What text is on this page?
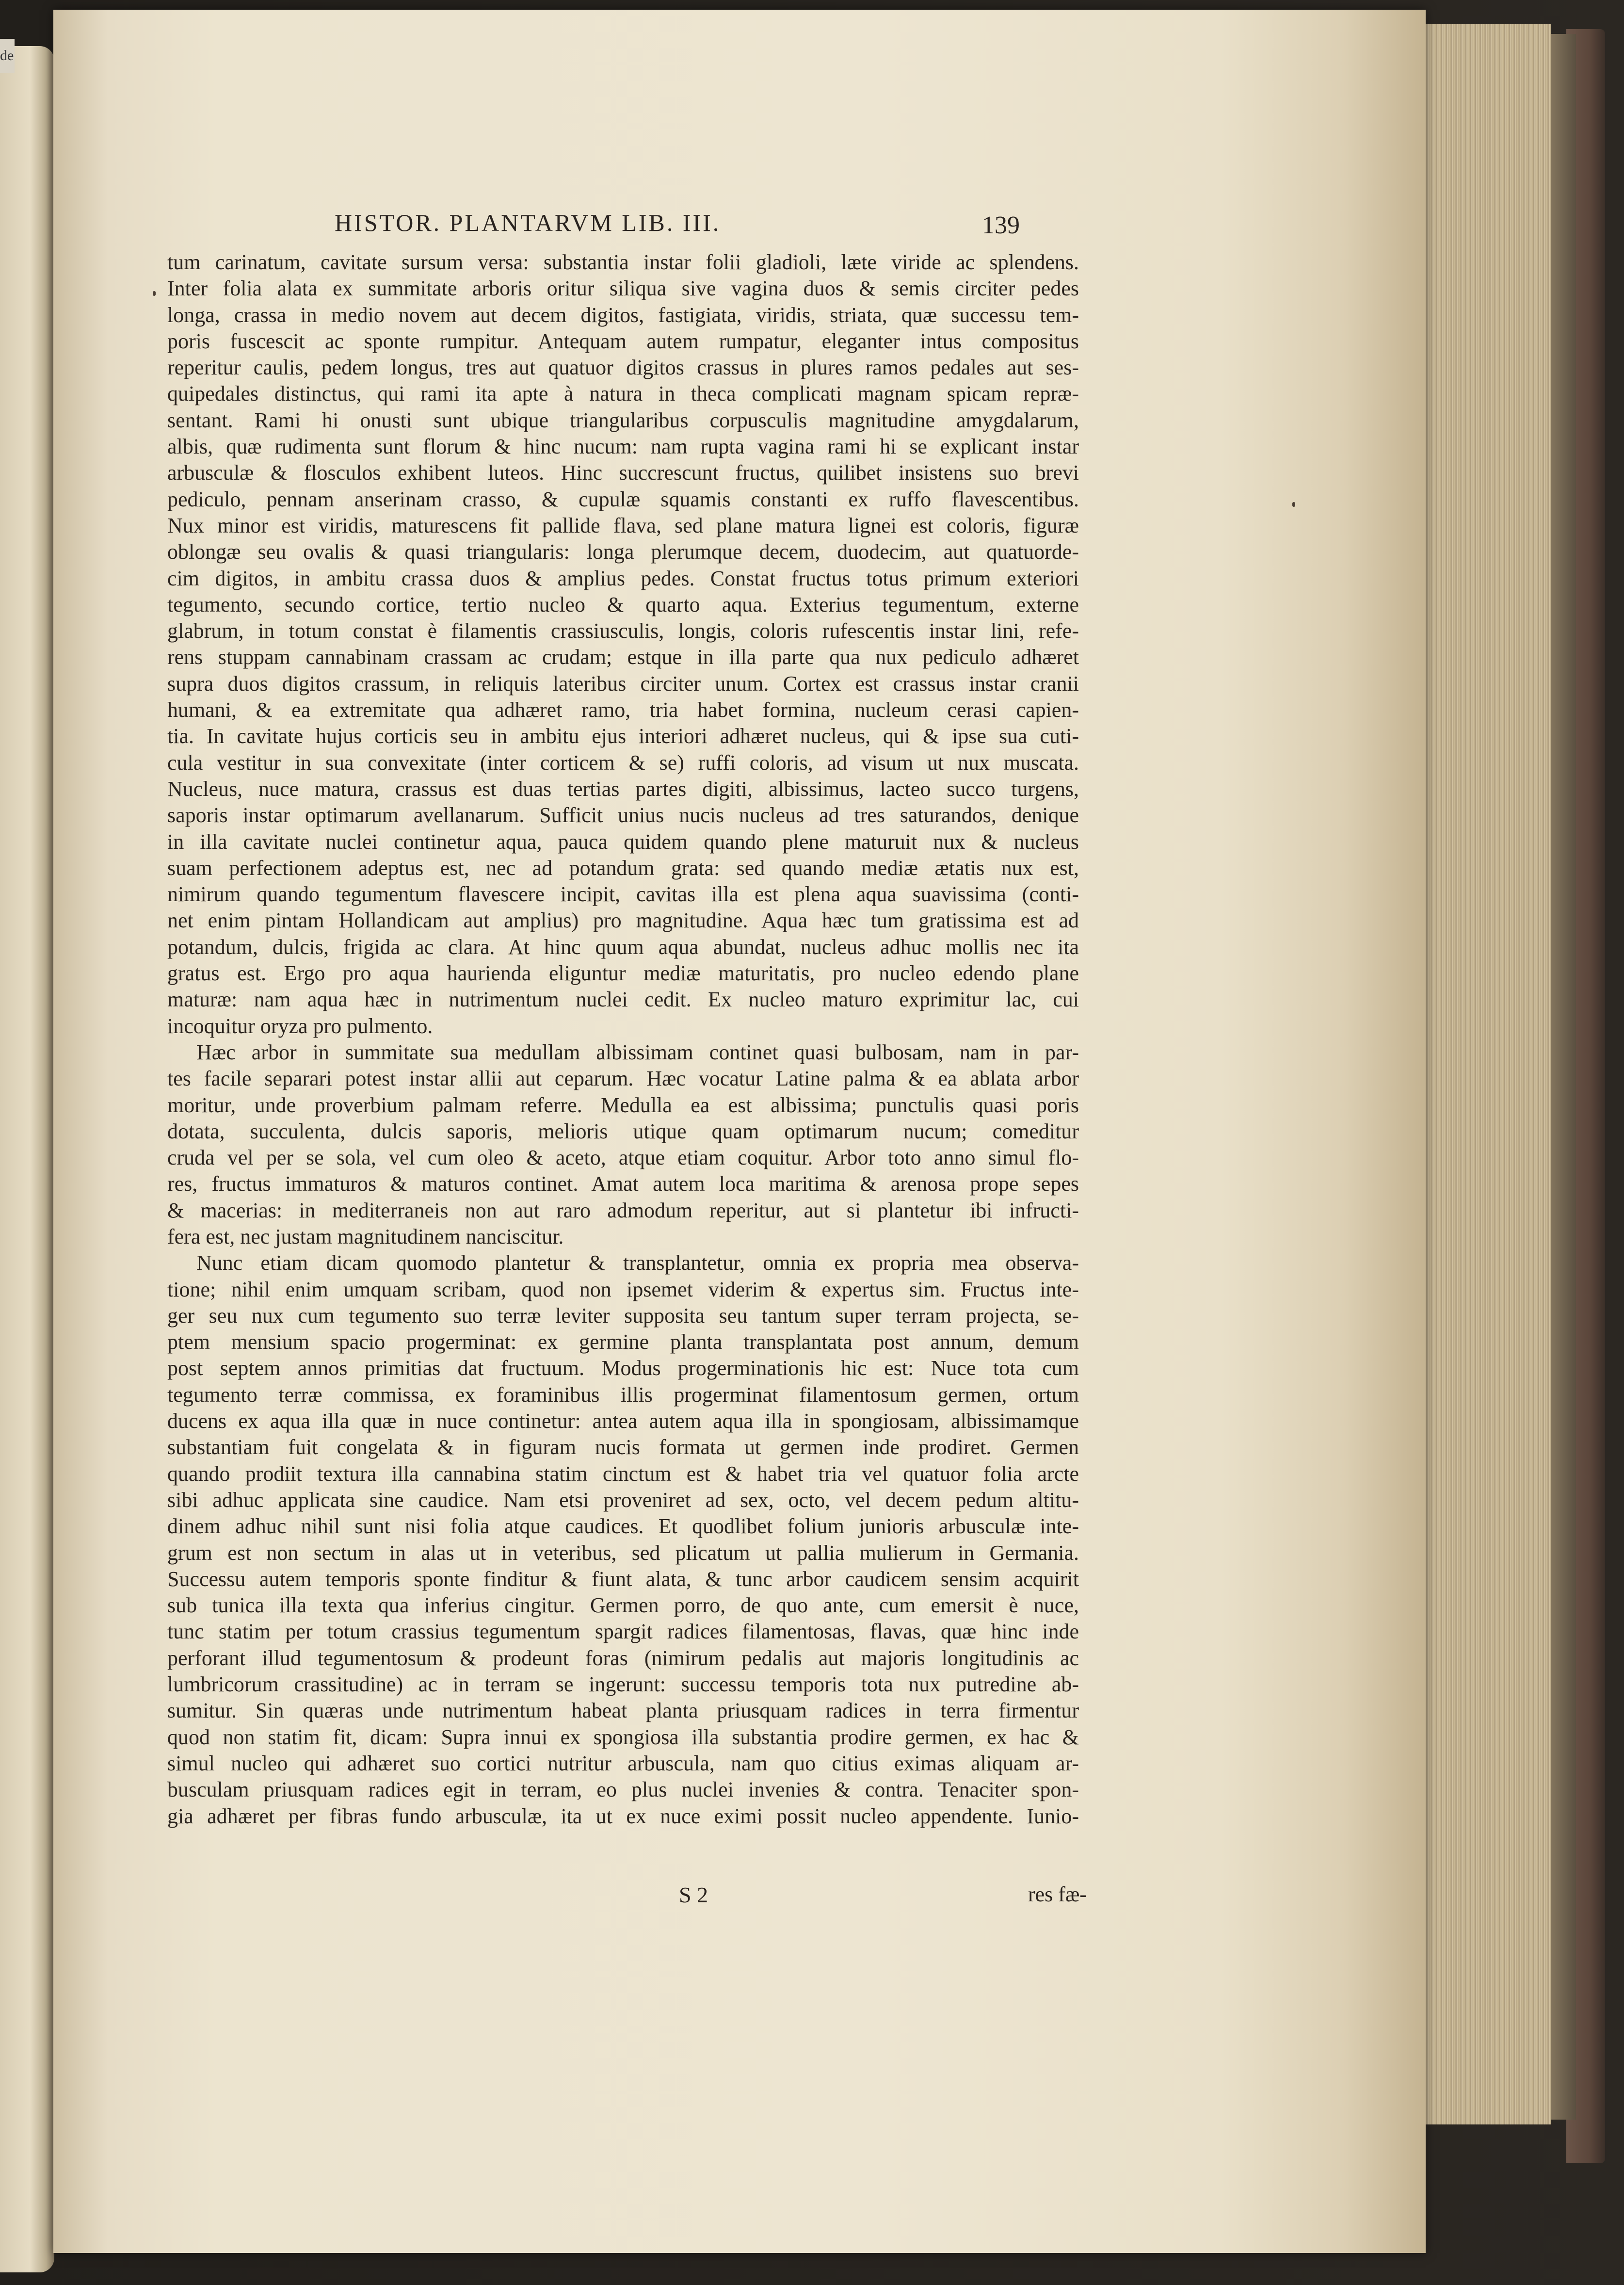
de
HISTOR. PLANTARVM LIB. III.	139
tum carinatum, cavitate sursum versa: substantia instar folii gladioli, læte viride ac splendens.
Inter folia alata ex summitate arboris oritur siliqua sive vagina duos & semis circiter pedes
longa, crassa in medio novem aut decem digitos, fastigiata, viridis, striata, quæ successu tem-
poris fuscescit ac sponte rumpitur. Antequam autem rumpatur, eleganter intus compositus
reperitur caulis, pedem longus, tres aut quatuor digitos crassus in plures ramos pedales aut ses-
quipedales distinctus, qui rami ita apte à natura in theca complicati magnam spicam repræ-
sentant. Rami hi onusti sunt ubique triangularibus corpusculis magnitudine amygdalarum,
albis, quæ rudimenta sunt florum & hinc nucum: nam rupta vagina rami hi se explicant instar
arbusculæ & flosculos exhibent luteos. Hinc succrescunt fructus, quilibet insistens suo brevi
pediculo, pennam anserinam crasso, & cupulæ squamis constanti ex ruffo flavescentibus.
Nux minor est viridis, maturescens fit pallide flava, sed plane matura lignei est coloris, figuræ
oblongæ seu ovalis & quasi triangularis: longa plerumque decem, duodecim, aut quatuorde-
cim digitos, in ambitu crassa duos & amplius pedes. Constat fructus totus primum exteriori
tegumento, secundo cortice, tertio nucleo & quarto aqua. Exterius tegumentum, externe
glabrum, in totum constat è filamentis crassiusculis, longis, coloris rufescentis instar lini, refe-
rens stuppam cannabinam crassam ac crudam; estque in illa parte qua nux pediculo adhæret
supra duos digitos crassum, in reliquis lateribus circiter unum. Cortex est crassus instar cranii
humani, & ea extremitate qua adhæret ramo, tria habet formina, nucleum cerasi capien-
tia. In cavitate hujus corticis seu in ambitu ejus interiori adhæret nucleus, qui & ipse sua cuti-
cula vestitur in sua convexitate (inter corticem & se) ruffi coloris, ad visum ut nux muscata.
Nucleus, nuce matura, crassus est duas tertias partes digiti, albissimus, lacteo succo turgens,
saporis instar optimarum avellanarum. Sufficit unius nucis nucleus ad tres saturandos, denique
in illa cavitate nuclei continetur aqua, pauca quidem quando plene maturuit nux & nucleus
suam perfectionem adeptus est, nec ad potandum grata: sed quando mediæ ætatis nux est,
nimirum quando tegumentum flavescere incipit, cavitas illa est plena aqua suavissima (conti-
net enim pintam Hollandicam aut amplius) pro magnitudine. Aqua hæc tum gratissima est ad
potandum, dulcis, frigida ac clara. At hinc quum aqua abundat, nucleus adhuc mollis nec ita
gratus est. Ergo pro aqua haurienda eliguntur mediæ maturitatis, pro nucleo edendo plane
maturæ: nam aqua hæc in nutrimentum nuclei cedit. Ex nucleo maturo exprimitur lac, cui
incoquitur oryza pro pulmento.
Hæc arbor in summitate sua medullam albissimam continet quasi bulbosam, nam in par-
tes facile separari potest instar allii aut ceparum. Hæc vocatur Latine palma & ea ablata arbor
moritur, unde proverbium palmam referre. Medulla ea est albissima; punctulis quasi poris
dotata, succulenta, dulcis saporis, melioris utique quam optimarum nucum; comeditur
cruda vel per se sola, vel cum oleo & aceto, atque etiam coquitur. Arbor toto anno simul flo-
res, fructus immaturos & maturos continet. Amat autem loca maritima & arenosa prope sepes
& macerias: in mediterraneis non aut raro admodum reperitur, aut si plantetur ibi infructi-
fera est, nec justam magnitudinem nanciscitur.
Nunc etiam dicam quomodo plantetur & transplantetur, omnia ex propria mea observa-
tione; nihil enim umquam scribam, quod non ipsemet viderim & expertus sim. Fructus inte-
ger seu nux cum tegumento suo terræ leviter supposita seu tantum super terram projecta, se-
ptem mensium spacio progerminat: ex germine planta transplantata post annum, demum
post septem annos primitias dat fructuum. Modus progerminationis hic est: Nuce tota cum
tegumento terræ commissa, ex foraminibus illis progerminat filamentosum germen, ortum
ducens ex aqua illa quæ in nuce continetur: antea autem aqua illa in spongiosam, albissimamque
substantiam fuit congelata & in figuram nucis formata ut germen inde prodiret. Germen
quando prodiit textura illa cannabina statim cinctum est & habet tria vel quatuor folia arcte
sibi adhuc applicata sine caudice. Nam etsi proveniret ad sex, octo, vel decem pedum altitu-
dinem adhuc nihil sunt nisi folia atque caudices. Et quodlibet folium junioris arbusculæ inte-
grum est non sectum in alas ut in veteribus, sed plicatum ut pallia mulierum in Germania.
Successu autem temporis sponte finditur & fiunt alata, & tunc arbor caudicem sensim acquirit
sub tunica illa texta qua inferius cingitur. Germen porro, de quo ante, cum emersit è nuce,
tunc statim per totum crassius tegumentum spargit radices filamentosas, flavas, quæ hinc inde
perforant illud tegumentosum & prodeunt foras (nimirum pedalis aut majoris longitudinis ac
lumbricorum crassitudine) ac in terram se ingerunt: successu temporis tota nux putredine ab-
sumitur. Sin quæras unde nutrimentum habeat planta priusquam radices in terra firmentur
quod non statim fit, dicam: Supra innui ex spongiosa illa substantia prodire germen, ex hac &
simul nucleo qui adhæret suo cortici nutritur arbuscula, nam quo citius eximas aliquam ar-
busculam priusquam radices egit in terram, eo plus nuclei invenies & contra. Tenaciter spon-
gia adhæret per fibras fundo arbusculæ, ita ut ex nuce eximi possit nucleo appendente. Iunio-
S 2	res fæ-
